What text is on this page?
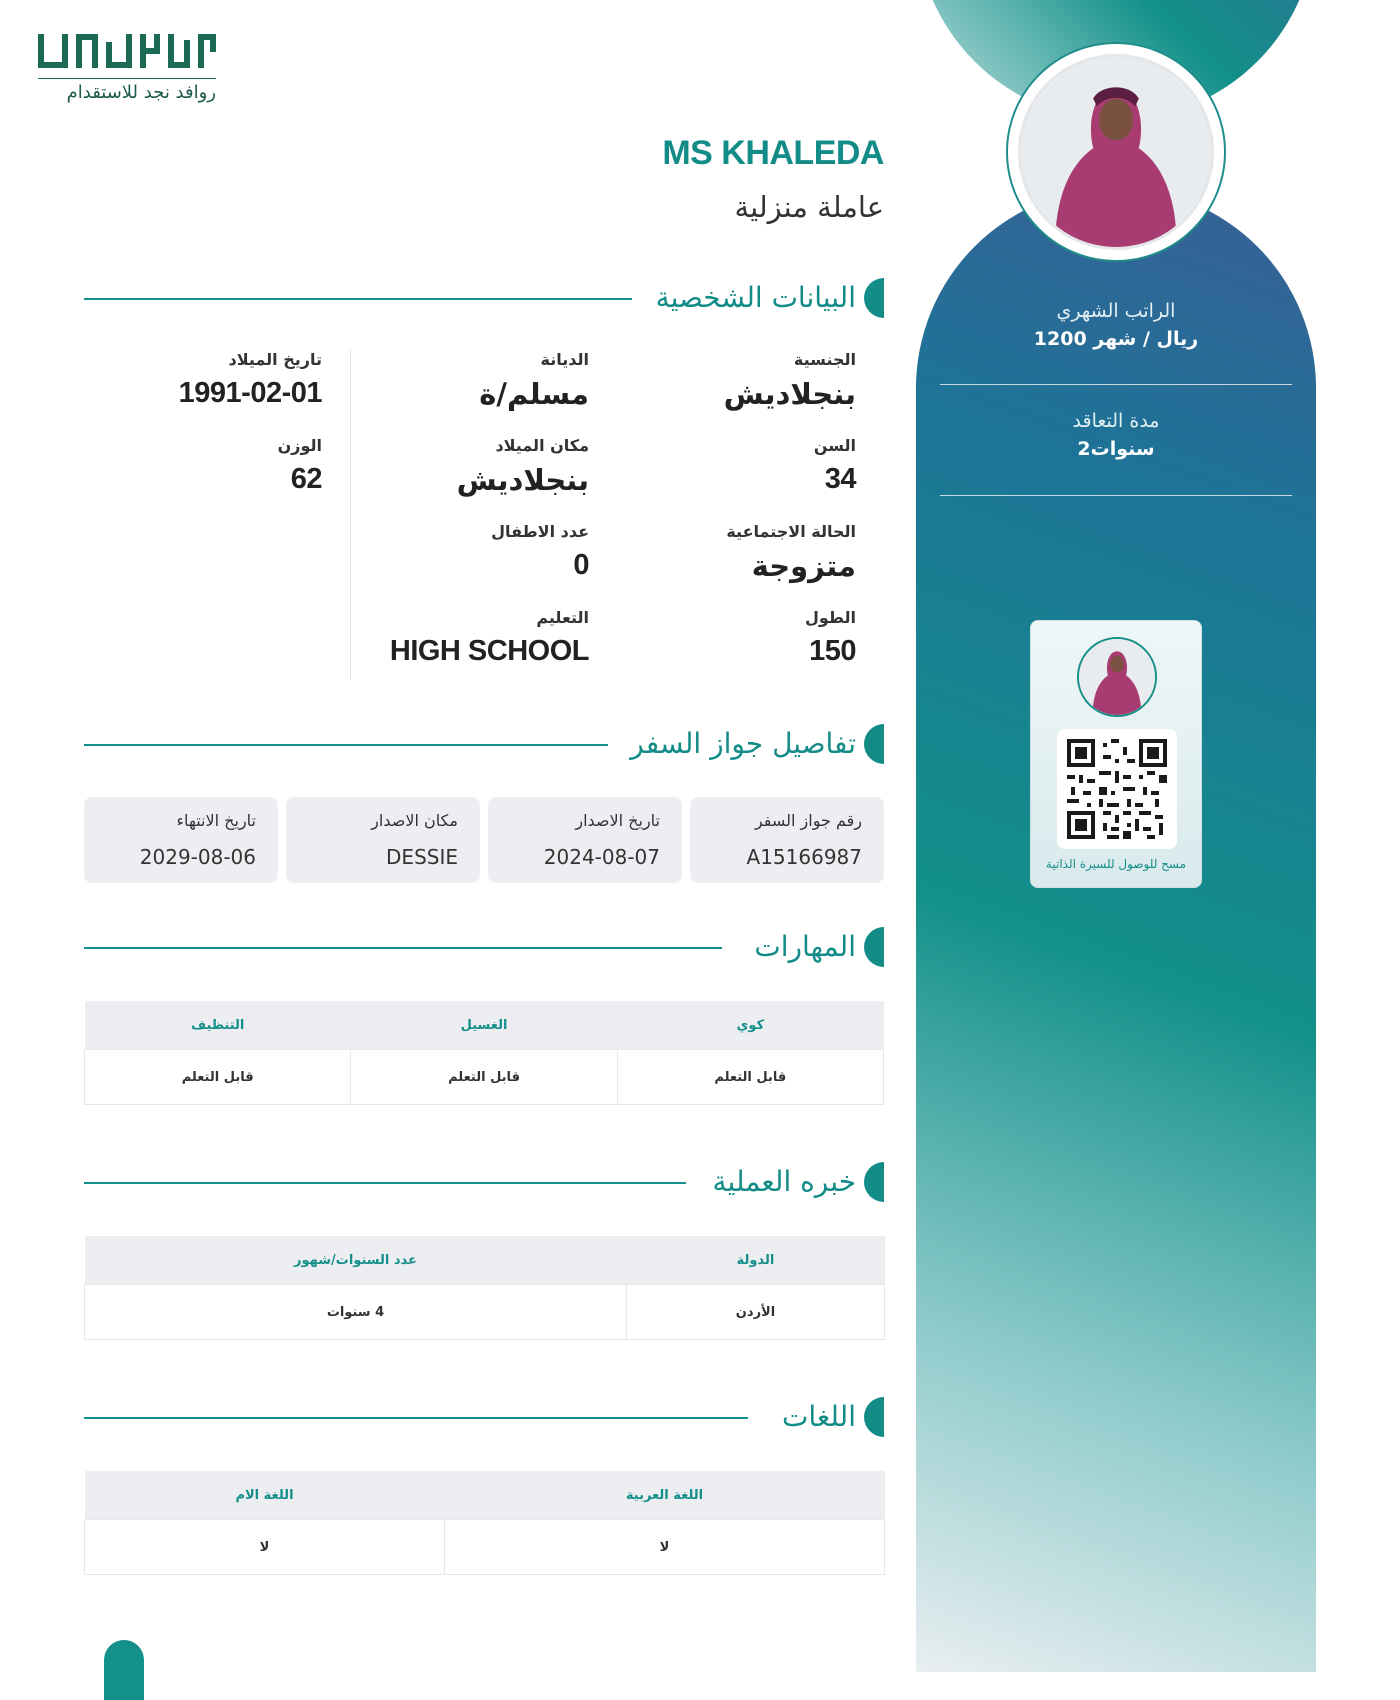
الراتب الشهري
1200 ريال / شهر
مدة التعاقد
2سنوات
مسح للوصول للسيرة الذاتية
روافد نجد للاستقدام
MS KHALEDA
عاملة منزلية
البيانات الشخصية
الجنسية
بنجلاديش
السن
34
الحالة الاجتماعية
متزوجة
الطول
150
الديانة
مسلم/ة
مكان الميلاد
بنجلاديش
عدد الاطفال
0
التعليم
HIGH SCHOOL
تاريخ الميلاد
1991-02-01
الوزن
62
تفاصيل جواز السفر
رقم جواز السفر
A15166987
تاريخ الاصدار
2024-08-07
مكان الاصدار
DESSIE
تاريخ الانتهاء
2029-08-06
المهارات
كوي	الغسيل	التنظيف
قابل التعلم	قابل التعلم	قابل التعلم
خبره العملية
الدولة	عدد السنوات/شهور
الأردن	4 سنوات
اللغات
اللغة العربية	اللغة الام
لا	لا
